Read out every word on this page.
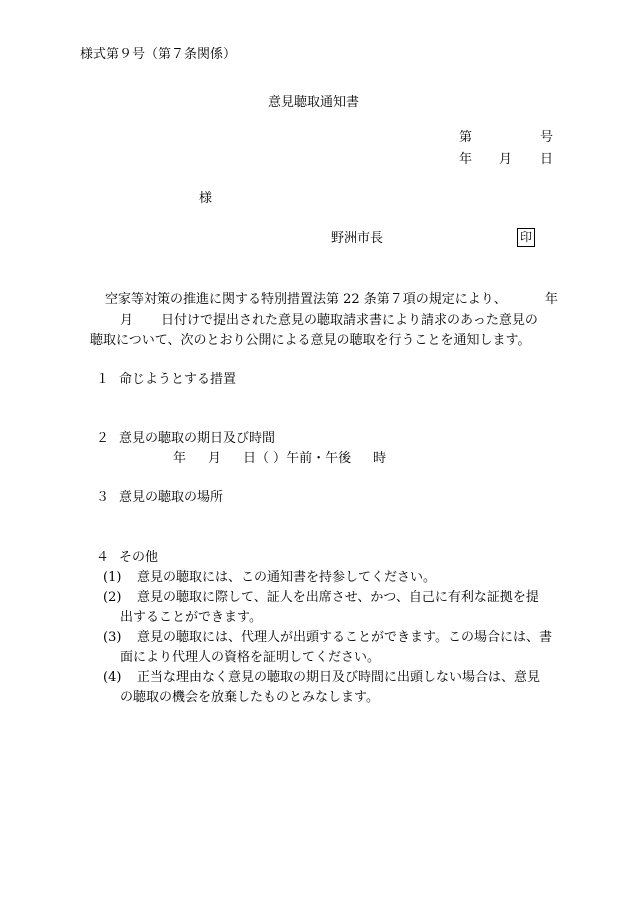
様式第９号（第７条関係）
意見聴取通知書
第	号
年 月 日
様
野洲市長	印
空家等対策の推進に関する特別措置法第 22 条第７項の規定により、	年
月 日付けで提出された意見の聴取請求書により請求のあった意見の
聴取について、次のとおり公開による意見の聴取を行うことを通知します。
１ 命じようとする措置
２ 意見の聴取の期日及び時間
年 月 日（ ）午前・午後 時
３ 意見の聴取の場所
４ その他
(1) 意見の聴取には、この通知書を持参してください。
(2) 意見の聴取に際して、証人を出席させ、かつ、自己に有利な証拠を提
出することができます。
(3) 意見の聴取には、代理人が出頭することができます。この場合には、書
面により代理人の資格を証明してください。
(4) 正当な理由なく意見の聴取の期日及び時間に出頭しない場合は、意見
の聴取の機会を放棄したものとみなします。
